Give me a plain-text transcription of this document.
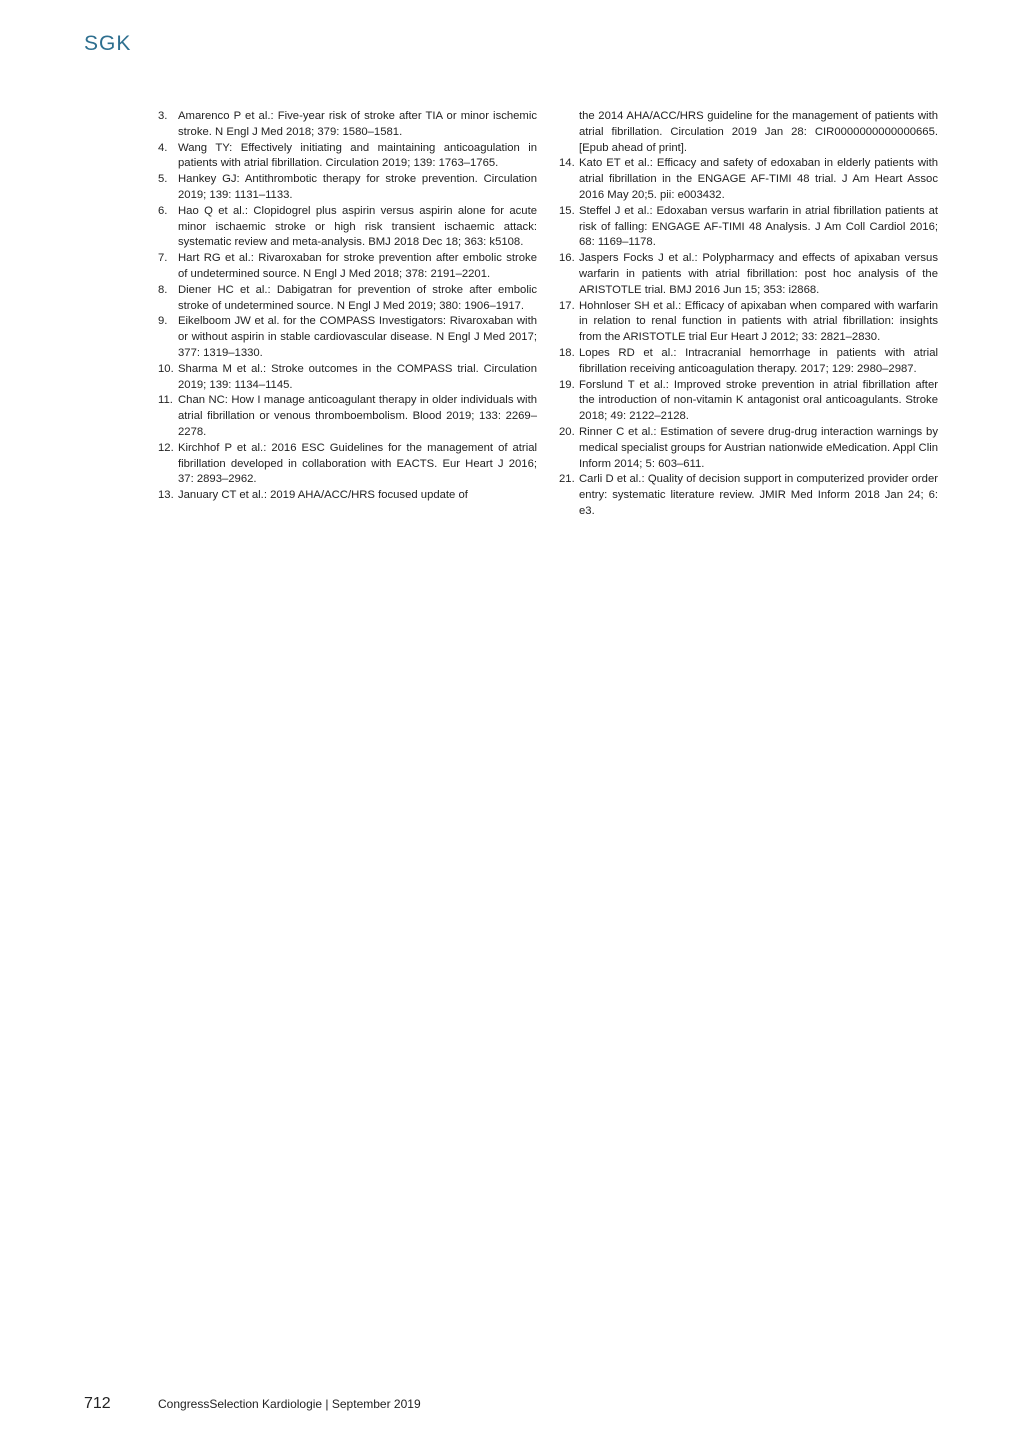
SGK
3. Amarenco P et al.: Five-year risk of stroke after TIA or minor ischemic stroke. N Engl J Med 2018; 379: 1580–1581.
4. Wang TY: Effectively initiating and maintaining anticoagulation in patients with atrial fibrillation. Circulation 2019; 139: 1763–1765.
5. Hankey GJ: Antithrombotic therapy for stroke prevention. Circulation 2019; 139: 1131–1133.
6. Hao Q et al.: Clopidogrel plus aspirin versus aspirin alone for acute minor ischaemic stroke or high risk transient ischaemic attack: systematic review and meta-analysis. BMJ 2018 Dec 18; 363: k5108.
7. Hart RG et al.: Rivaroxaban for stroke prevention after embolic stroke of undetermined source. N Engl J Med 2018; 378: 2191–2201.
8. Diener HC et al.: Dabigatran for prevention of stroke after embolic stroke of undetermined source. N Engl J Med 2019; 380: 1906–1917.
9. Eikelboom JW et al. for the COMPASS Investigators: Rivaroxaban with or without aspirin in stable cardiovascular disease. N Engl J Med 2017; 377: 1319–1330.
10. Sharma M et al.: Stroke outcomes in the COMPASS trial. Circulation 2019; 139: 1134–1145.
11. Chan NC: How I manage anticoagulant therapy in older individuals with atrial fibrillation or venous thromboembolism. Blood 2019; 133: 2269–2278.
12. Kirchhof P et al.: 2016 ESC Guidelines for the management of atrial fibrillation developed in collaboration with EACTS. Eur Heart J 2016; 37: 2893–2962.
13. January CT et al.: 2019 AHA/ACC/HRS focused update of
the 2014 AHA/ACC/HRS guideline for the management of patients with atrial fibrillation. Circulation 2019 Jan 28: CIR0000000000000665. [Epub ahead of print].
14. Kato ET et al.: Efficacy and safety of edoxaban in elderly patients with atrial fibrillation in the ENGAGE AF-TIMI 48 trial. J Am Heart Assoc 2016 May 20;5. pii: e003432.
15. Steffel J et al.: Edoxaban versus warfarin in atrial fibrillation patients at risk of falling: ENGAGE AF-TIMI 48 Analysis. J Am Coll Cardiol 2016; 68: 1169–1178.
16. Jaspers Focks J et al.: Polypharmacy and effects of apixaban versus warfarin in patients with atrial fibrillation: post hoc analysis of the ARISTOTLE trial. BMJ 2016 Jun 15; 353: i2868.
17. Hohnloser SH et al.: Efficacy of apixaban when compared with warfarin in relation to renal function in patients with atrial fibrillation: insights from the ARISTOTLE trial Eur Heart J 2012; 33: 2821–2830.
18. Lopes RD et al.: Intracranial hemorrhage in patients with atrial fibrillation receiving anticoagulation therapy. 2017; 129: 2980–2987.
19. Forslund T et al.: Improved stroke prevention in atrial fibrillation after the introduction of non-vitamin K antagonist oral anticoagulants. Stroke 2018; 49: 2122–2128.
20. Rinner C et al.: Estimation of severe drug-drug interaction warnings by medical specialist groups for Austrian nationwide eMedication. Appl Clin Inform 2014; 5: 603–611.
21. Carli D et al.: Quality of decision support in computerized provider order entry: systematic literature review. JMIR Med Inform 2018 Jan 24; 6: e3.
712	CongressSelection Kardiologie | September 2019
